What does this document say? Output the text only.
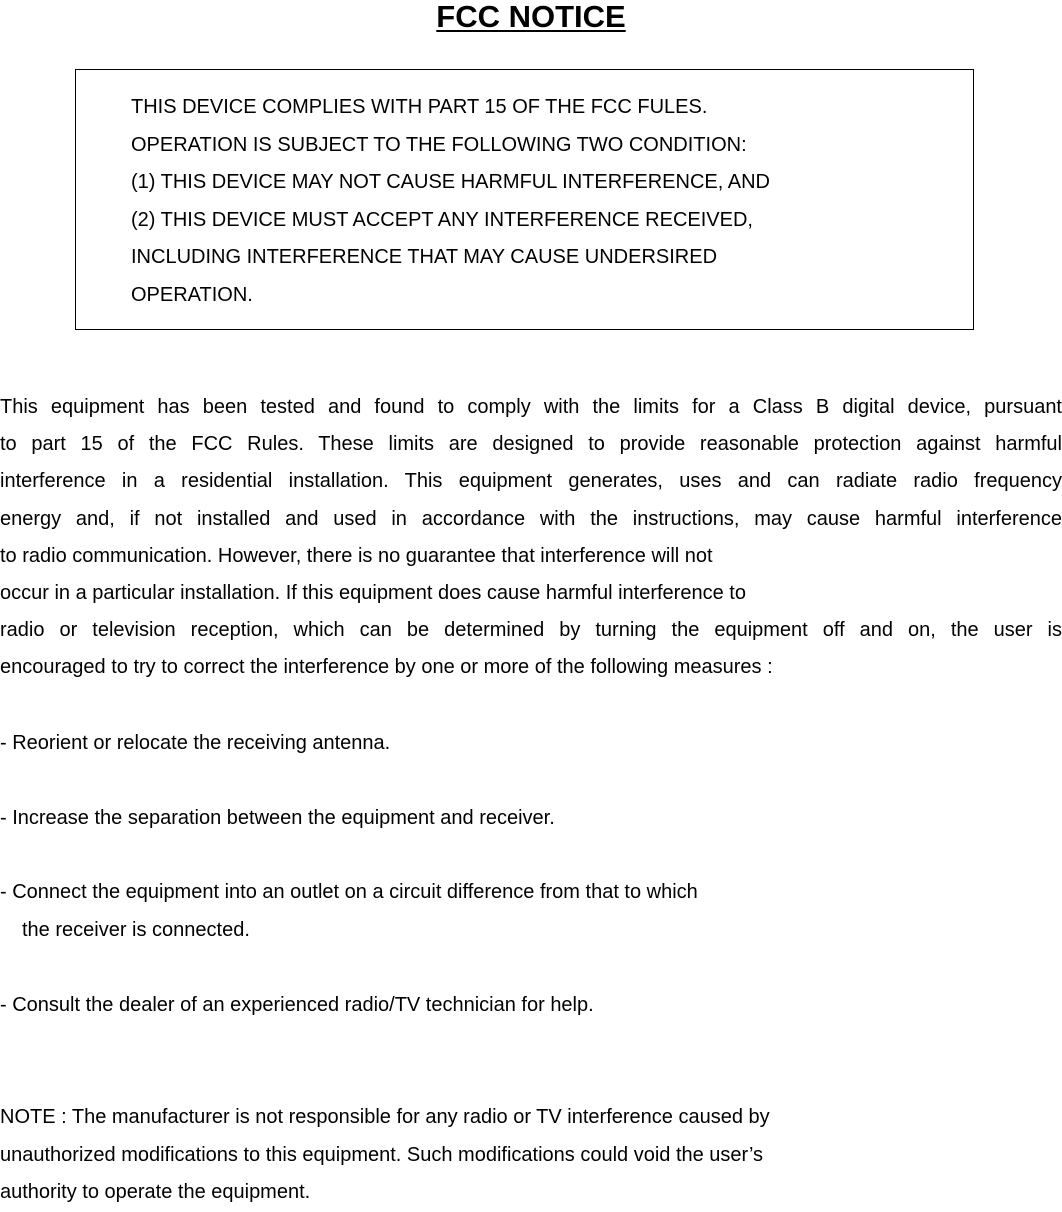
FCC NOTICE
THIS DEVICE COMPLIES WITH PART 15 OF THE FCC FULES.
OPERATION IS SUBJECT TO THE FOLLOWING TWO CONDITION:
(1) THIS DEVICE MAY NOT CAUSE HARMFUL INTERFERENCE, AND
(2) THIS DEVICE MUST ACCEPT ANY INTERFERENCE RECEIVED,
INCLUDING INTERFERENCE THAT MAY CAUSE UNDERSIRED
OPERATION.
This equipment has been tested and found to comply with the limits for a Class B digital device, pursuant
to part 15 of the FCC Rules. These limits are designed to provide reasonable protection against harmful
interference in a residential installation. This equipment generates, uses and can radiate radio frequency
energy and, if not installed and used in accordance with the instructions, may cause harmful interference
to radio communication. However, there is no guarantee that interference will not
occur in a particular installation. If this equipment does cause harmful interference to
radio or television reception, which can be determined by turning the equipment off and on, the user is
encouraged to try to correct the interference by one or more of the following measures :
- Reorient or relocate the receiving antenna.
- Increase the separation between the equipment and receiver.
- Connect the equipment into an outlet on a circuit difference from that to which
the receiver is connected.
- Consult the dealer of an experienced radio/TV technician for help.
NOTE : The manufacturer is not responsible for any radio or TV interference caused by
unauthorized modifications to this equipment. Such modifications could void the user’s
authority to operate the equipment.
